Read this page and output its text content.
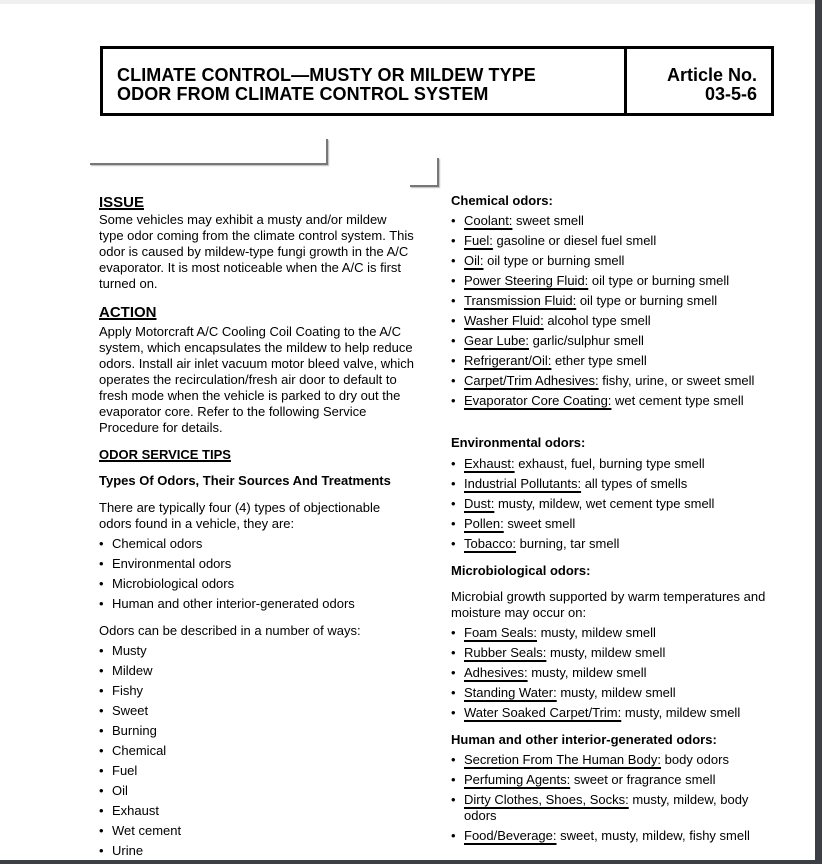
CLIMATE CONTROL—MUSTY OR MILDEW TYPE
ODOR FROM CLIMATE CONTROL SYSTEM
Article No.
03-5-6
ISSUE
Some vehicles may exhibit a musty and/or mildew type odor coming from the climate control system. This odor is caused by mildew-type fungi growth in the A/C evaporator. It is most noticeable when the A/C is first turned on.
ACTION
Apply Motorcraft A/C Cooling Coil Coating to the A/C system, which encapsulates the mildew to help reduce odors. Install air inlet vacuum motor bleed valve, which operates the recirculation/fresh air door to default to fresh mode when the vehicle is parked to dry out the evaporator core. Refer to the following Service Procedure for details.
ODOR SERVICE TIPS
Types Of Odors, Their Sources And Treatments
There are typically four (4) types of objectionable odors found in a vehicle, they are:
• Chemical odors
• Environmental odors
• Microbiological odors
• Human and other interior-generated odors
Odors can be described in a number of ways:
• Musty
• Mildew
• Fishy
• Sweet
• Burning
• Chemical
• Fuel
• Oil
• Exhaust
• Wet cement
• Urine
Chemical odors:
• Coolant: sweet smell
• Fuel: gasoline or diesel fuel smell
• Oil: oil type or burning smell
• Power Steering Fluid: oil type or burning smell
• Transmission Fluid: oil type or burning smell
• Washer Fluid: alcohol type smell
• Gear Lube: garlic/sulphur smell
• Refrigerant/Oil: ether type smell
• Carpet/Trim Adhesives: fishy, urine, or sweet smell
• Evaporator Core Coating: wet cement type smell
Environmental odors:
• Exhaust: exhaust, fuel, burning type smell
• Industrial Pollutants: all types of smells
• Dust: musty, mildew, wet cement type smell
• Pollen: sweet smell
• Tobacco: burning, tar smell
Microbiological odors:
Microbial growth supported by warm temperatures and moisture may occur on:
• Foam Seals: musty, mildew smell
• Rubber Seals: musty, mildew smell
• Adhesives: musty, mildew smell
• Standing Water: musty, mildew smell
• Water Soaked Carpet/Trim: musty, mildew smell
Human and other interior-generated odors:
• Secretion From The Human Body: body odors
• Perfuming Agents: sweet or fragrance smell
• Dirty Clothes, Shoes, Socks: musty, mildew, body odors
• Food/Beverage: sweet, musty, mildew, fishy smell
